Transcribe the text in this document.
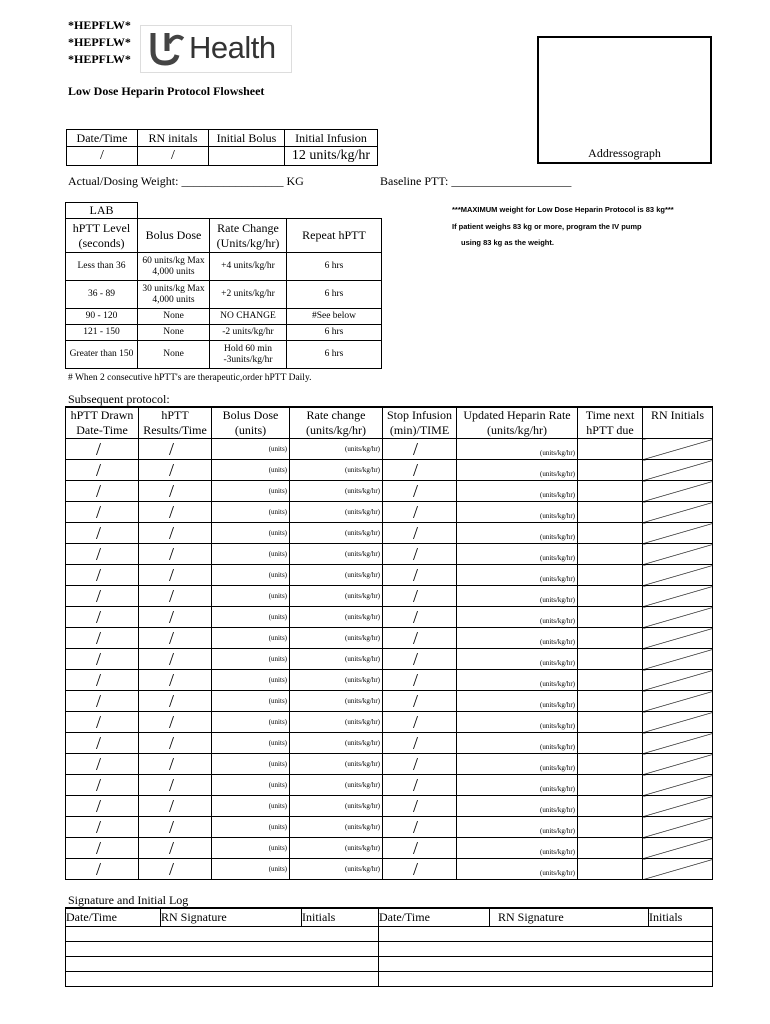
*HEPFLW*
*HEPFLW*
*HEPFLW* Health
Low Dose Heparin Protocol Flowsheet
Addressograph
Date/Time	RN initals	Initial Bolus	Initial Infusion
/	/		12 units/kg/hr
Actual/Dosing Weight: _________________ KG	Baseline PTT: ____________________
***MAXIMUM weight for Low Dose Heparin Protocol is 83 kg***
If patient weighs 83 kg or more, program the IV pump
using 83 kg as the weight.
LAB			
hPTT Level (seconds)	Bolus Dose	Rate Change (Units/kg/hr)	Repeat hPTT
Less than 36	60 units/kg Max 4,000 units	+4 units/kg/hr	6 hrs
36 - 89	30 units/kg Max 4,000 units	+2 units/kg/hr	6 hrs
90 - 120	None	NO CHANGE	#See below
121 - 150	None	-2 units/kg/hr	6 hrs
Greater than 150	None	Hold 60 min -3units/kg/hr	6 hrs
# When 2 consecutive hPTT's are therapeutic,order hPTT Daily.
Subsequent protocol:
hPTT Drawn Date-Time	hPTT Results/Time	Bolus Dose (units)	Rate change (units/kg/hr)	Stop Infusion (min)/TIME	Updated Heparin Rate (units/kg/hr)	Time next hPTT due	RN Initials

/	/	(units)	(units/kg/hr)	/	(units/kg/hr)		

/	/	(units)	(units/kg/hr)	/	(units/kg/hr)		

/	/	(units)	(units/kg/hr)	/	(units/kg/hr)		

/	/	(units)	(units/kg/hr)	/	(units/kg/hr)		

/	/	(units)	(units/kg/hr)	/	(units/kg/hr)		

/	/	(units)	(units/kg/hr)	/	(units/kg/hr)		

/	/	(units)	(units/kg/hr)	/	(units/kg/hr)		

/	/	(units)	(units/kg/hr)	/	(units/kg/hr)		

/	/	(units)	(units/kg/hr)	/	(units/kg/hr)		

/	/	(units)	(units/kg/hr)	/	(units/kg/hr)		

/	/	(units)	(units/kg/hr)	/	(units/kg/hr)		

/	/	(units)	(units/kg/hr)	/	(units/kg/hr)		

/	/	(units)	(units/kg/hr)	/	(units/kg/hr)		

/	/	(units)	(units/kg/hr)	/	(units/kg/hr)		

/	/	(units)	(units/kg/hr)	/	(units/kg/hr)		

/	/	(units)	(units/kg/hr)	/	(units/kg/hr)		

/	/	(units)	(units/kg/hr)	/	(units/kg/hr)		

/	/	(units)	(units/kg/hr)	/	(units/kg/hr)		

/	/	(units)	(units/kg/hr)	/	(units/kg/hr)		

/	/	(units)	(units/kg/hr)	/	(units/kg/hr)		

/	/	(units)	(units/kg/hr)	/	(units/kg/hr)		

Signature and Initial Log
Date/Time	RN Signature	Initials	Date/Time	RN Signature	Initials
